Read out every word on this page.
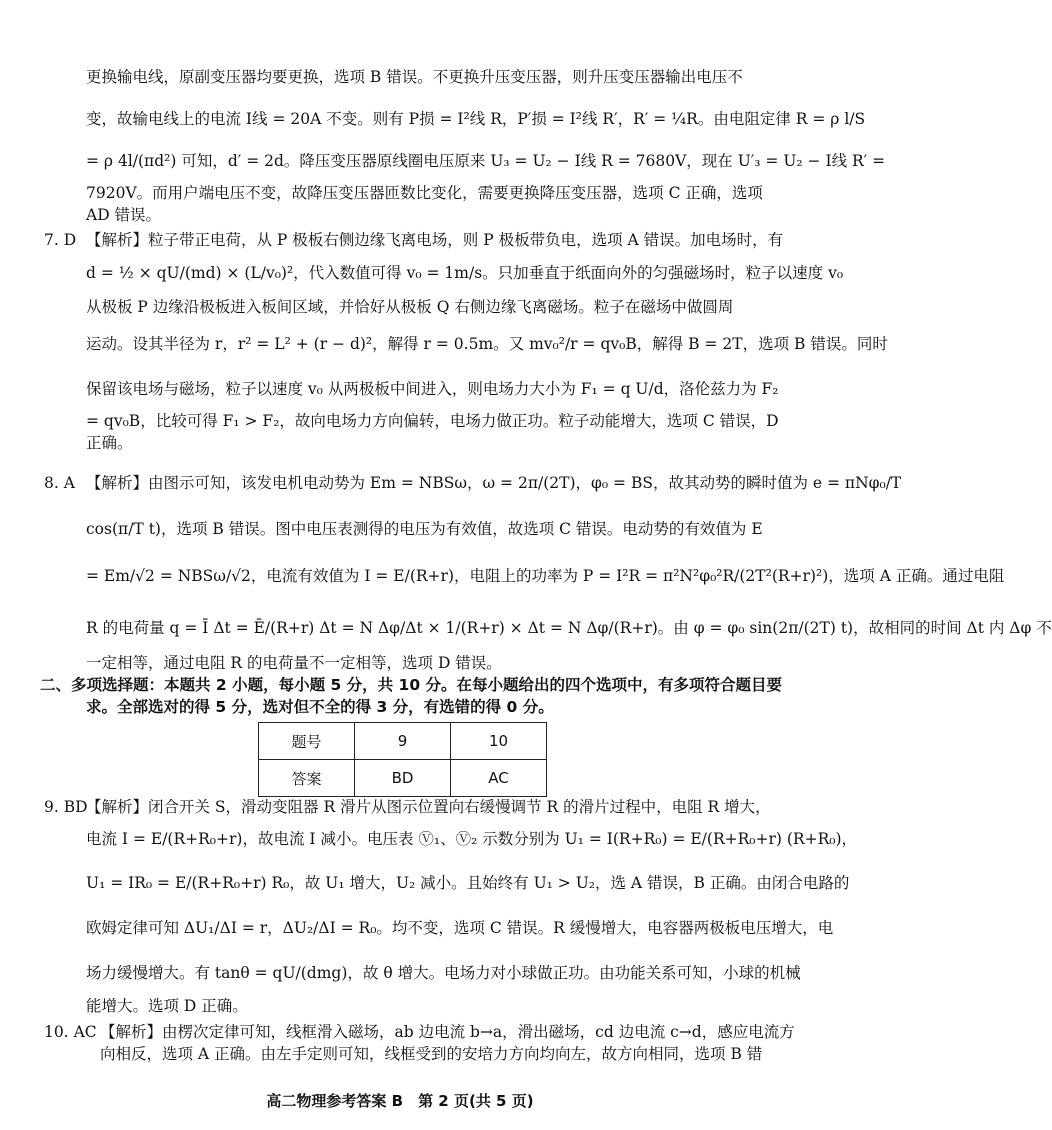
更换输电线，原副变压器均要更换，选项 B 错误。不更换升压变压器，则升压变压器输出电压不
变，故输电线上的电流 I线 = 20A 不变。则有 P损 = I²线 R，P′损 = I²线 R′，R′ = ¼R。由电阻定律 R = ρ l/S
= ρ 4l/(πd²) 可知，d′ = 2d。降压变压器原线圈电压原来 U₃ = U₂ − I线 R = 7680V，现在 U′₃ = U₂ − I线 R′ =
7920V。而用户端电压不变，故降压变压器匝数比变化，需要更换降压变压器，选项 C 正确，选项
AD 错误。
7. D 【解析】粒子带正电荷，从 P 极板右侧边缘飞离电场，则 P 极板带负电，选项 A 错误。加电场时，有
d = ½ × qU/(md) × (L/v₀)²，代入数值可得 v₀ = 1m/s。只加垂直于纸面向外的匀强磁场时，粒子以速度 v₀
从极板 P 边缘沿极板进入板间区域，并恰好从极板 Q 右侧边缘飞离磁场。粒子在磁场中做圆周
运动。设其半径为 r，r² = L² + (r − d)²，解得 r = 0.5m。又 mv₀²/r = qv₀B，解得 B = 2T，选项 B 错误。同时
保留该电场与磁场，粒子以速度 v₀ 从两极板中间进入，则电场力大小为 F₁ = q U/d，洛伦兹力为 F₂
= qv₀B，比较可得 F₁ > F₂，故向电场力方向偏转，电场力做正功。粒子动能增大，选项 C 错误，D
正确。
8. A 【解析】由图示可知，该发电机电动势为 Em = NBSω，ω = 2π/(2T)，φ₀ = BS，故其动势的瞬时值为 e = πNφ₀/T
cos(π/T t)，选项 B 错误。图中电压表测得的电压为有效值，故选项 C 错误。电动势的有效值为 E
= Em/√2 = NBSω/√2，电流有效值为 I = E/(R+r)，电阻上的功率为 P = I²R = π²N²φ₀²R/(2T²(R+r)²)，选项 A 正确。通过电阻
R 的电荷量 q = Ī Δt = Ē/(R+r) Δt = N Δφ/Δt × 1/(R+r) × Δt = N Δφ/(R+r)。由 φ = φ₀ sin(2π/(2T) t)，故相同的时间 Δt 内 Δφ 不
一定相等，通过电阻 R 的电荷量不一定相等，选项 D 错误。
二、多项选择题：本题共 2 小题，每小题 5 分，共 10 分。在每小题给出的四个选项中，有多项符合题目要
求。全部选对的得 5 分，选对但不全的得 3 分，有选错的得 0 分。
题号	9	10
答案	BD	AC
9. BD
【解析】闭合开关 S，滑动变阻器 R 滑片从图示位置向右缓慢调节 R 的滑片过程中，电阻 R 增大，
电流 I = E/(R+R₀+r)，故电流 I 减小。电压表 Ⓥ₁、Ⓥ₂ 示数分别为 U₁ = I(R+R₀) = E/(R+R₀+r) (R+R₀)，
U₁ = IR₀ = E/(R+R₀+r) R₀，故 U₁ 增大，U₂ 减小。且始终有 U₁ > U₂，选 A 错误，B 正确。由闭合电路的
欧姆定律可知 ΔU₁/ΔI = r，ΔU₂/ΔI = R₀。均不变，选项 C 错误。R 缓慢增大，电容器两极板电压增大，电
场力缓慢增大。有 tanθ = qU/(dmg)，故 θ 增大。电场力对小球做正功。由功能关系可知，小球的机械
能增大。选项 D 正确。
10. AC 【解析】由楞次定律可知，线框滑入磁场，ab 边电流 b→a，滑出磁场，cd 边电流 c→d，感应电流方
向相反，选项 A 正确。由左手定则可知，线框受到的安培力方向均向左，故方向相同，选项 B 错
高二物理参考答案 B　第 2 页(共 5 页)
